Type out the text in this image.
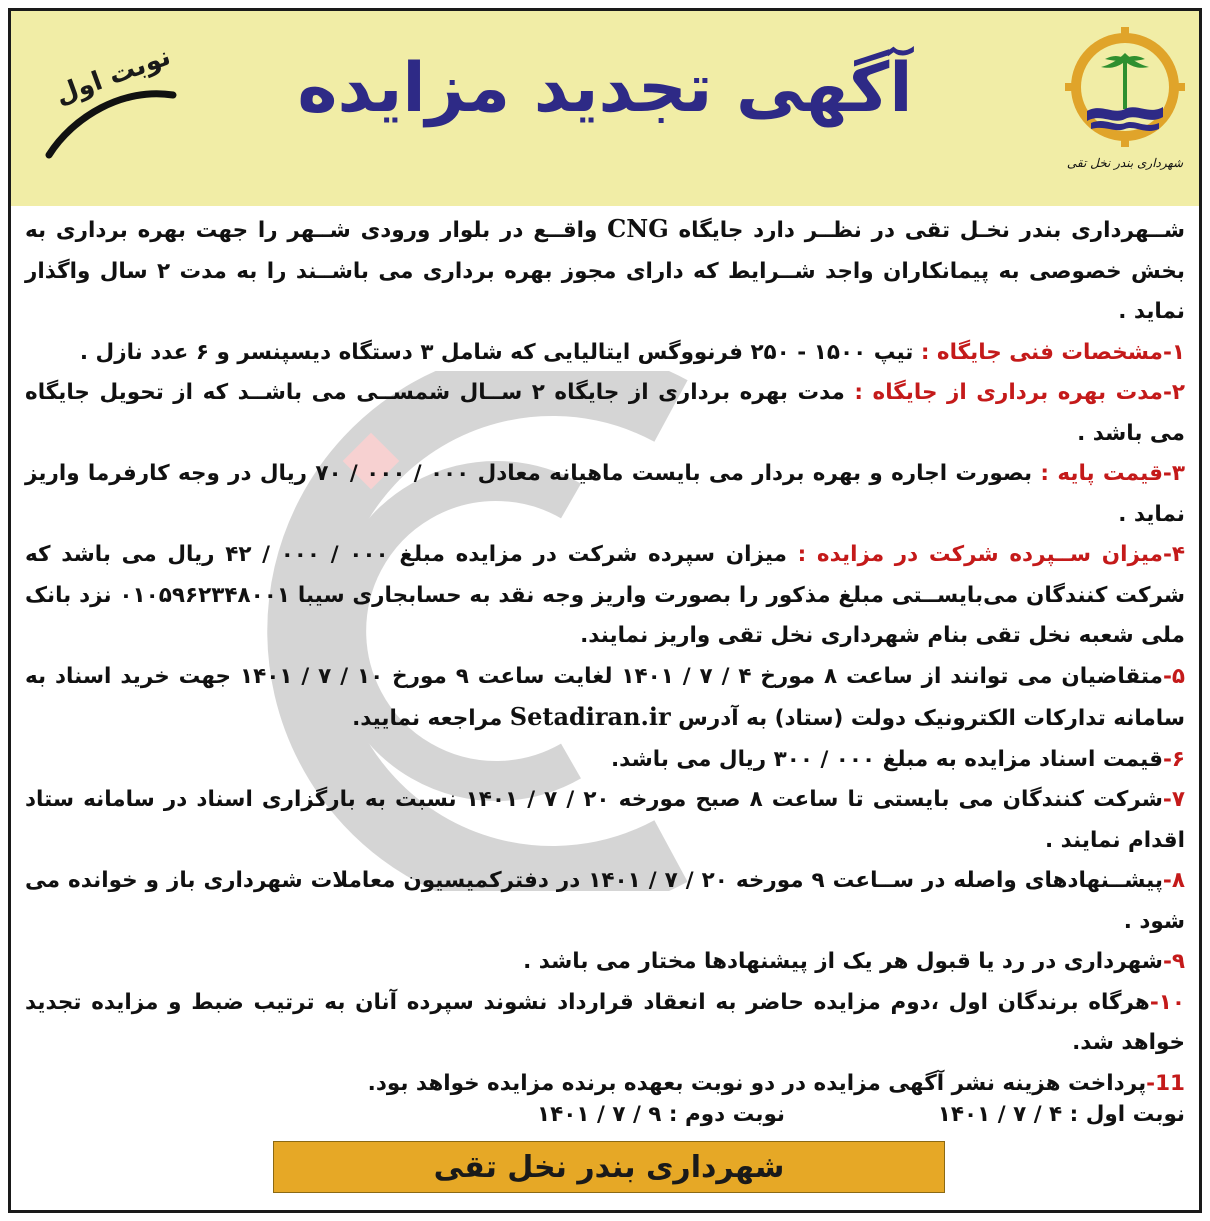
شهرداری بندر نخل تقی
آگهی تجدید مزایده
نوبت اول

شــهرداری بندر نخـل تقی در نظــر دارد جایگاه CNG واقــع در بلوار ورودی شــهر را جهت بهره برداری به بخش خصوصی به پیمانکاران واجد شــرایط که دارای مجوز بهره برداری می باشــند را به مدت ۲ سال واگذار نماید .

۱-مشخصات فنی جایگاه : تیپ ۱۵۰۰ - ۲۵۰ فرنووگس ایتالیایی که شامل ۳ دستگاه دیسپنسر و ۶ عدد نازل .

۲-مدت بهره برداری از جایگاه : مدت بهره برداری از جایگاه ۲ ســال شمســی می باشــد که از تحویل جایگاه می باشد .

۳-قیمت پایه : بصورت اجاره و بهره بردار می بایست ماهیانه معادل ۰۰۰ / ۰۰۰ / ۷۰ ریال در وجه کارفرما واریز نماید .

۴-میزان ســپرده شرکت در مزایده : میزان سپرده شرکت در مزایده مبلغ ۰۰۰ / ۰۰۰ / ۴۲ ریال می باشد که شرکت کنندگان می‌بایســتی مبلغ مذکور را بصورت واریز وجه نقد به حسابجاری سیبا ۰۱۰۵۹۶۲۳۴۸۰۰۱ نزد بانک ملی شعبه نخل تقی بنام شهرداری نخل تقی واریز نمایند.

۵-متقاضیان می توانند از ساعت ۸ مورخ ۴ / ۷ / ۱۴۰۱ لغایت ساعت ۹ مورخ ۱۰ / ۷ / ۱۴۰۱ جهت خرید اسناد به سامانه تدارکات الکترونیک دولت (ستاد) به آدرس Setadiran.ir مراجعه نمایید.

۶-قیمت اسناد مزایده به مبلغ ۰۰۰ / ۳۰۰ ریال می باشد.

۷-شرکت کنندگان می بایستی تا ساعت ۸ صبح مورخه ۲۰ / ۷ / ۱۴۰۱ نسبت به بارگزاری اسناد در سامانه ستاد اقدام نمایند .

۸-پیشــنهادهای واصله در ســاعت ۹ مورخه ۲۰ / ۷ / ۱۴۰۱ در دفترکمیسیون معاملات شهرداری باز و خوانده می شود .

۹-شهرداری در رد یا قبول هر یک از پیشنهادها مختار می باشد .

۱۰-هرگاه برندگان اول ،دوم مزایده حاضر به انعقاد قرارداد نشوند سپرده آنان به ترتیب ضبط و مزایده تجدید خواهد شد.

11-پرداخت هزینه نشر آگهی مزایده در دو نوبت بعهده برنده مزایده خواهد بود.

نوبت اول : ۴ / ۷ / ۱۴۰۱
نوبت دوم : ۹ / ۷ / ۱۴۰۱
شهرداری بندر نخل تقی
